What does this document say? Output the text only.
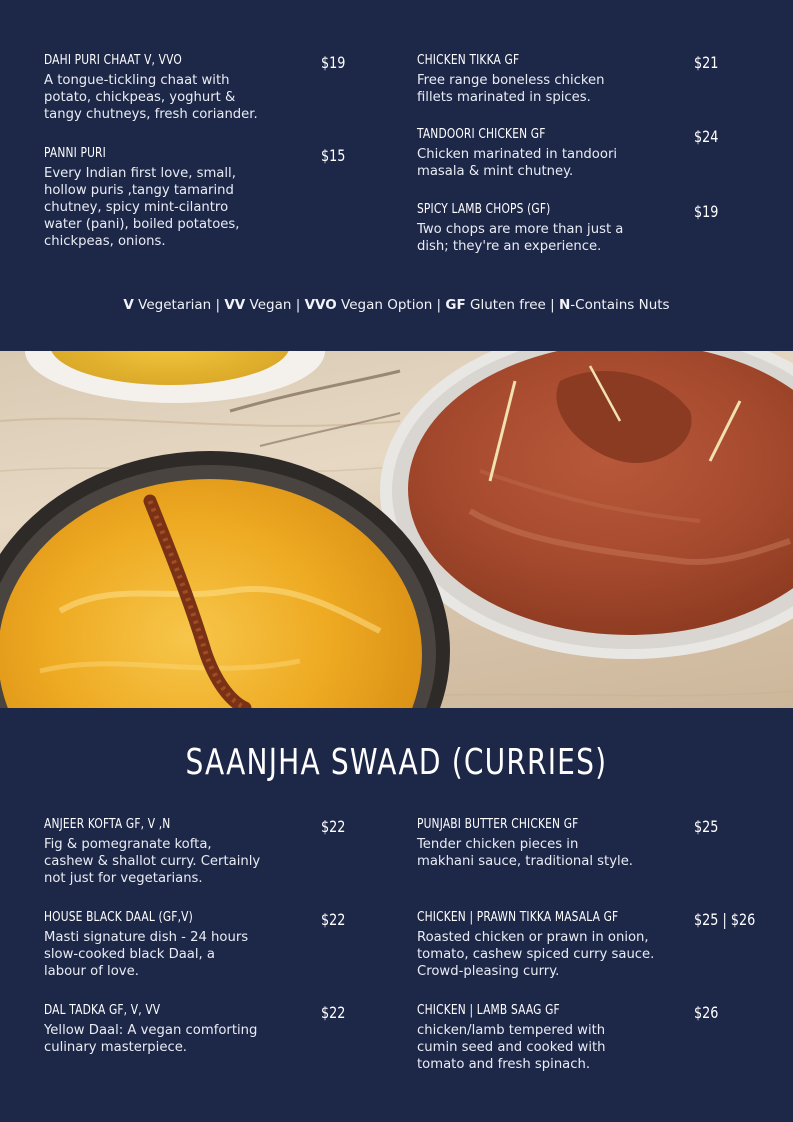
DAHI PURI CHAAT V, VVO	$19
A tongue-tickling chaat with
potato, chickpeas, yoghurt &
tangy chutneys, fresh coriander.
PANNI PURI	$15
Every Indian first love, small,
hollow puris ,tangy tamarind
chutney, spicy mint-cilantro
water (pani), boiled potatoes,
chickpeas, onions.
CHICKEN TIKKA GF	$21
Free range boneless chicken
fillets marinated in spices.
TANDOORI CHICKEN GF	$24
Chicken marinated in tandoori
masala & mint chutney.
SPICY LAMB CHOPS (GF)	$19
Two chops are more than just a
dish; they're an experience.
V Vegetarian | VV Vegan | VVO Vegan Option | GF Gluten free | N-Contains Nuts
SAANJHA SWAAD (CURRIES)
ANJEER KOFTA GF, V ,N	$22
Fig & pomegranate kofta,
cashew & shallot curry. Certainly
not just for vegetarians.
HOUSE BLACK DAAL (GF,V)	$22
Masti signature dish - 24 hours
slow-cooked black Daal, a
labour of love.
DAL TADKA GF, V, VV	$22
Yellow Daal: A vegan comforting
culinary masterpiece.
PUNJABI BUTTER CHICKEN GF	$25
Tender chicken pieces in
makhani sauce, traditional style.
CHICKEN | PRAWN TIKKA MASALA GF	$25 | $26
Roasted chicken or prawn in onion,
tomato, cashew spiced curry sauce.
Crowd-pleasing curry.
CHICKEN | LAMB SAAG GF	$26
chicken/lamb tempered with
cumin seed and cooked with
tomato and fresh spinach.
